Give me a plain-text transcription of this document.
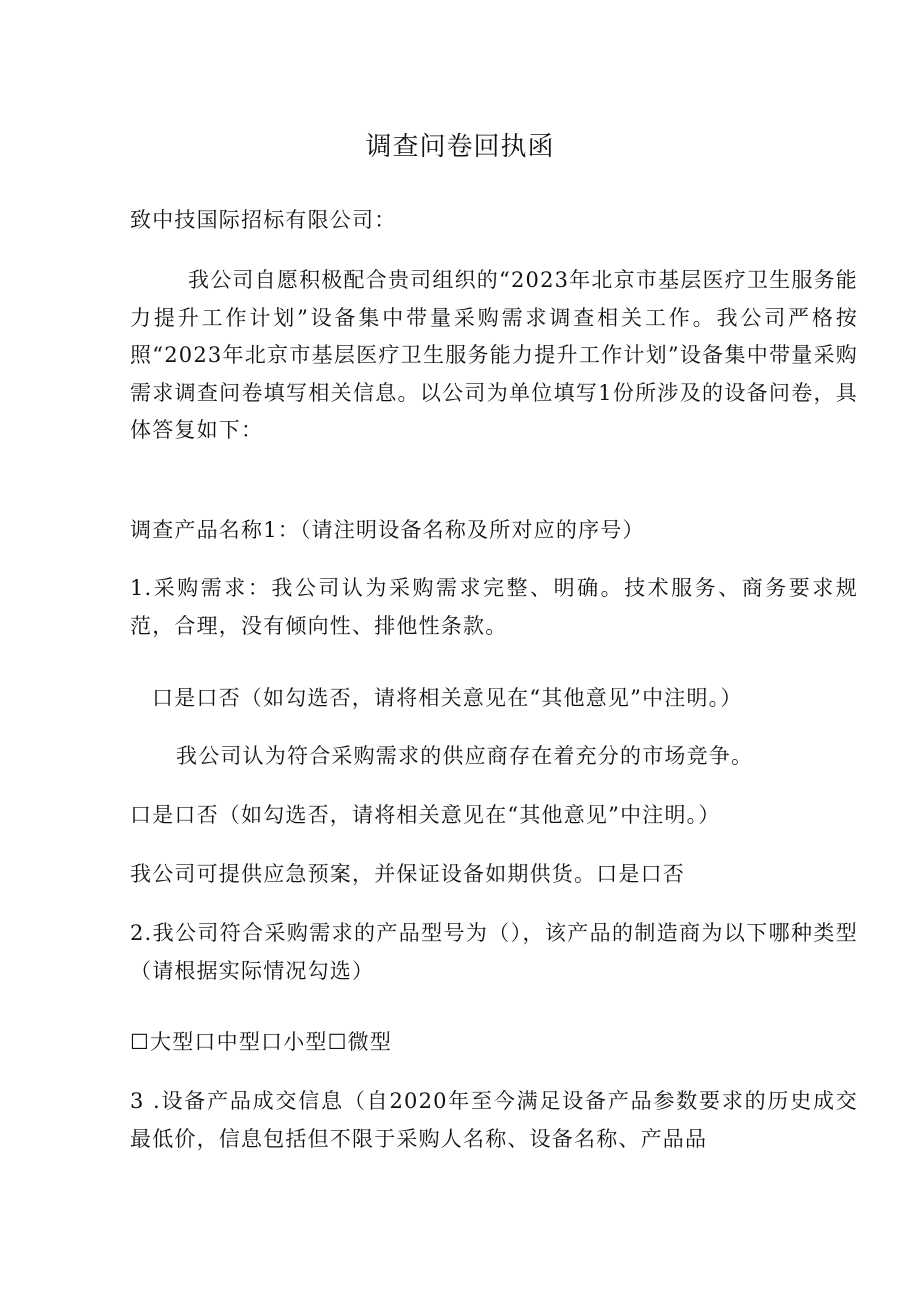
调查问卷回执函
致中技国际招标有限公司：
我公司自愿积极配合贵司组织的“2023年北京市基层医疗卫生服务能力提升工作计划”设备集中带量采购需求调查相关工作。我公司严格按照“2023年北京市基层医疗卫生服务能力提升工作计划”设备集中带量采购需求调查问卷填写相关信息。以公司为单位填写1份所涉及的设备问卷，具体答复如下：
调查产品名称1：（请注明设备名称及所对应的序号）
1.采购需求：我公司认为采购需求完整、明确。技术服务、商务要求规范，合理，没有倾向性、排他性条款。
口是口否（如勾选否，请将相关意见在“其他意见”中注明。）
我公司认为符合采购需求的供应商存在着充分的市场竞争。
口是口否（如勾选否，请将相关意见在“其他意见”中注明。）
我公司可提供应急预案，并保证设备如期供货。口是口否
2.我公司符合采购需求的产品型号为（），该产品的制造商为以下哪种类型（请根据实际情况勾选）
☐大型口中型口小型☐微型
3 .设备产品成交信息（自2020年至今满足设备产品参数要求的历史成交最低价，信息包括但不限于采购人名称、设备名称、产品品
